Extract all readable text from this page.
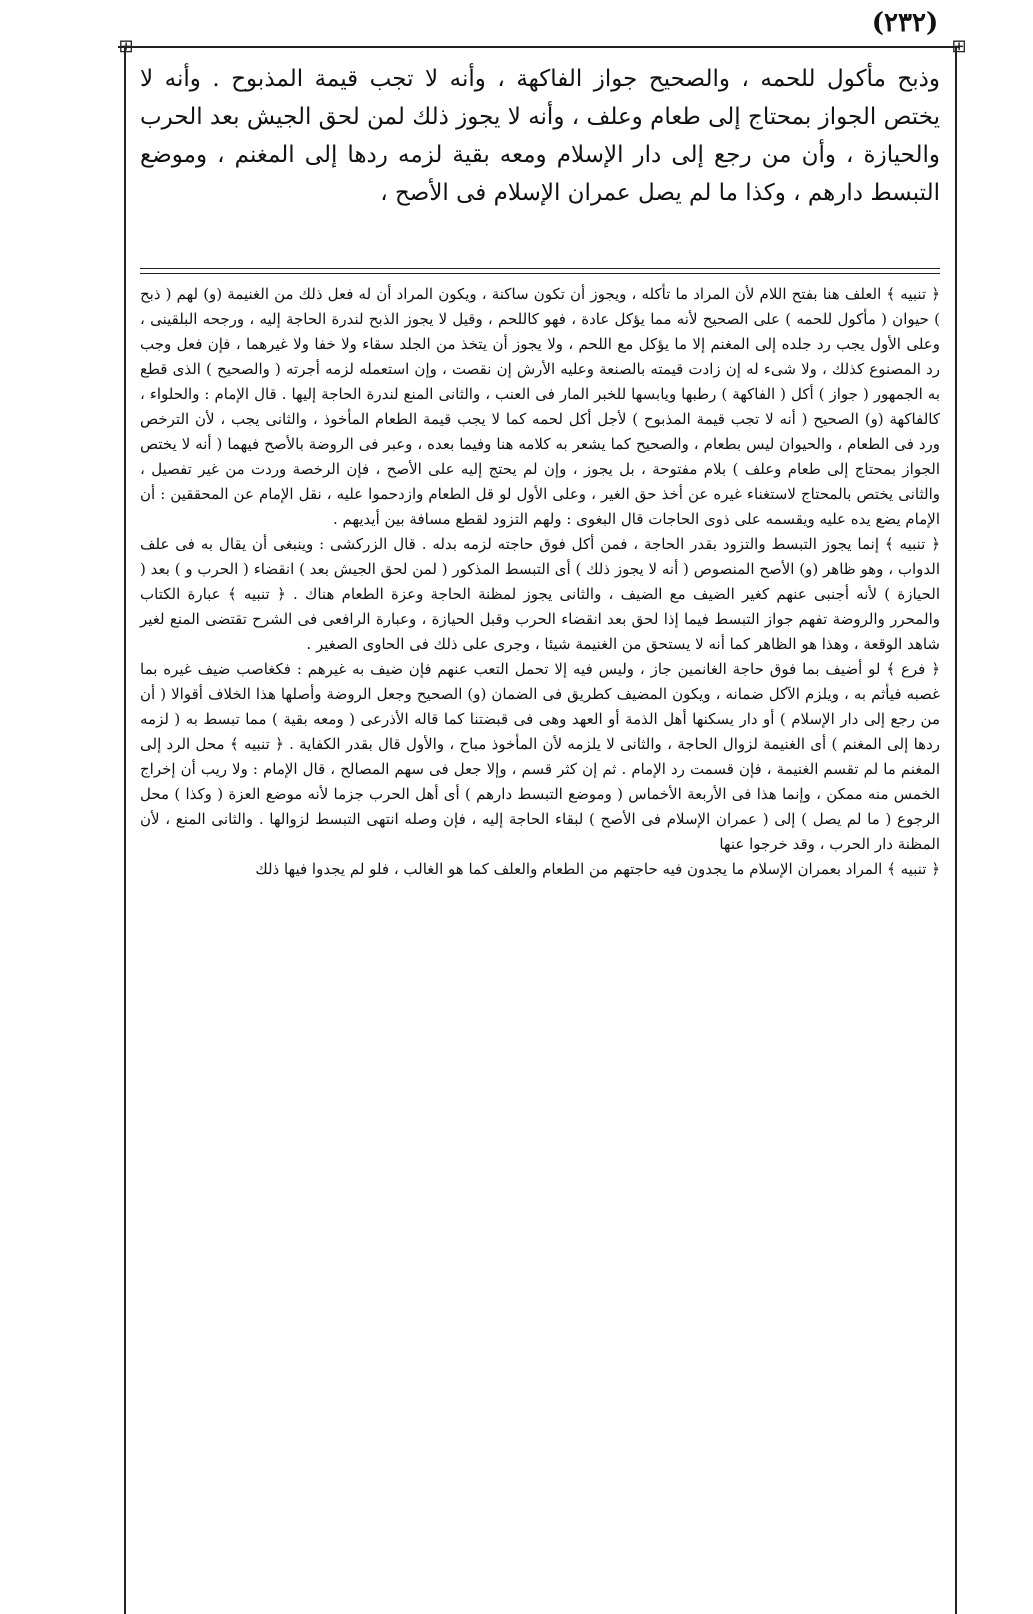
(٢٣٢)
⊞	⊞

وذبح مأكول للحمه ، والصحيح جواز الفاكهة ، وأنه لا تجب قيمة المذبوح . وأنه لا يختص الجواز بمحتاج إلى طعام وعلف ، وأنه لا يجوز ذلك لمن لحق الجيش بعد الحرب والحيازة ، وأن من رجع إلى دار الإسلام ومعه بقية لزمه ردها إلى المغنم ، وموضع التبسط دارهم ، وكذا ما لم يصل عمران الإسلام فى الأصح ،

﴿ تنبيه ﴾ العلف هنا بفتح اللام لأن المراد ما تأكله ، ويجوز أن تكون ساكنة ، ويكون المراد أن له فعل ذلك من الغنيمة (و) لهم ( ذبح ) حيوان ( مأكول للحمه ) على الصحيح لأنه مما يؤكل عادة ، فهو كاللحم ، وقيل لا يجوز الذبح لندرة الحاجة إليه ، ورجحه البلقينى ، وعلى الأول يجب رد جلده إلى المغنم إلا ما يؤكل مع اللحم ، ولا يجوز أن يتخذ من الجلد سقاء ولا خفا ولا غيرهما ، فإن فعل وجب رد المصنوع كذلك ، ولا شىء له إن زادت قيمته بالصنعة وعليه الأرش إن نقصت ، وإن استعمله لزمه أجرته ( والصحيح ) الذى قطع به الجمهور ( جواز ) أكل ( الفاكهة ) رطبها ويابسها للخبر المار فى العنب ، والثانى المنع لندرة الحاجة إليها . قال الإمام : والحلواء ، كالفاكهة (و) الصحيح ( أنه لا تجب قيمة المذبوح ) لأجل أكل لحمه كما لا يجب قيمة الطعام المأخوذ ، والثانى يجب ، لأن الترخص ورد فى الطعام ، والحيوان ليس بطعام ، والصحيح كما يشعر به كلامه هنا وفيما بعده ، وعبر فى الروضة بالأصح فيهما ( أنه لا يختص الجواز بمحتاج إلى طعام وعلف ) بلام مفتوحة ، بل يجوز ، وإن لم يحتج إليه على الأصح ، فإن الرخصة وردت من غير تفصيل ، والثانى يختص بالمحتاج لاستغناء غيره عن أخذ حق الغير ، وعلى الأول لو قل الطعام وازدحموا عليه ، نقل الإمام عن المحققين : أن الإمام يضع يده عليه ويقسمه على ذوى الحاجات قال البغوى : ولهم التزود لقطع مسافة بين أيديهم .

﴿ تنبيه ﴾ إنما يجوز التبسط والتزود بقدر الحاجة ، فمن أكل فوق حاجته لزمه بدله . قال الزركشى : وينبغى أن يقال به فى علف الدواب ، وهو ظاهر (و) الأصح المنصوص ( أنه لا يجوز ذلك ) أى التبسط المذكور ( لمن لحق الجيش بعد ) انقضاء ( الحرب و ) بعد ( الحيازة ) لأنه أجنبى عنهم كغير الضيف مع الضيف ، والثانى يجوز لمظنة الحاجة وعزة الطعام هناك . ﴿ تنبيه ﴾ عبارة الكتاب والمحرر والروضة تفهم جواز التبسط فيما إذا لحق بعد انقضاء الحرب وقبل الحيازة ، وعبارة الرافعى فى الشرح تقتضى المنع لغير شاهد الوقعة ، وهذا هو الظاهر كما أنه لا يستحق من الغنيمة شيئا ، وجرى على ذلك فى الحاوى الصغير .

﴿ فرع ﴾ لو أضيف بما فوق حاجة الغانمين جاز ، وليس فيه إلا تحمل التعب عنهم فإن ضيف به غيرهم : فكغاصب ضيف غيره بما غصبه فيأثم به ، ويلزم الآكل ضمانه ، ويكون المضيف كطريق فى الضمان (و) الصحيح وجعل الروضة وأصلها هذا الخلاف أقوالا ( أن من رجع إلى دار الإسلام ) أو دار يسكنها أهل الذمة أو العهد وهى فى قبضتنا كما قاله الأذرعى ( ومعه بقية ) مما تبسط به ( لزمه ردها إلى المغنم ) أى الغنيمة لزوال الحاجة ، والثانى لا يلزمه لأن المأخوذ مباح ، والأول قال بقدر الكفاية . ﴿ تنبيه ﴾ محل الرد إلى المغنم ما لم تقسم الغنيمة ، فإن قسمت رد الإمام . ثم إن كثر قسم ، وإلا جعل فى سهم المصالح ، قال الإمام : ولا ريب أن إخراج الخمس منه ممكن ، وإنما هذا فى الأربعة الأخماس ( وموضع التبسط دارهم ) أى أهل الحرب جزما لأنه موضع العزة ( وكذا ) محل الرجوع ( ما لم يصل ) إلى ( عمران الإسلام فى الأصح ) لبقاء الحاجة إليه ، فإن وصله انتهى التبسط لزوالها . والثانى المنع ، لأن المظنة دار الحرب ، وقد خرجوا عنها

﴿ تنبيه ﴾ المراد بعمران الإسلام ما يجدون فيه حاجتهم من الطعام والعلف كما هو الغالب ، فلو لم يجدوا فيها ذلك
